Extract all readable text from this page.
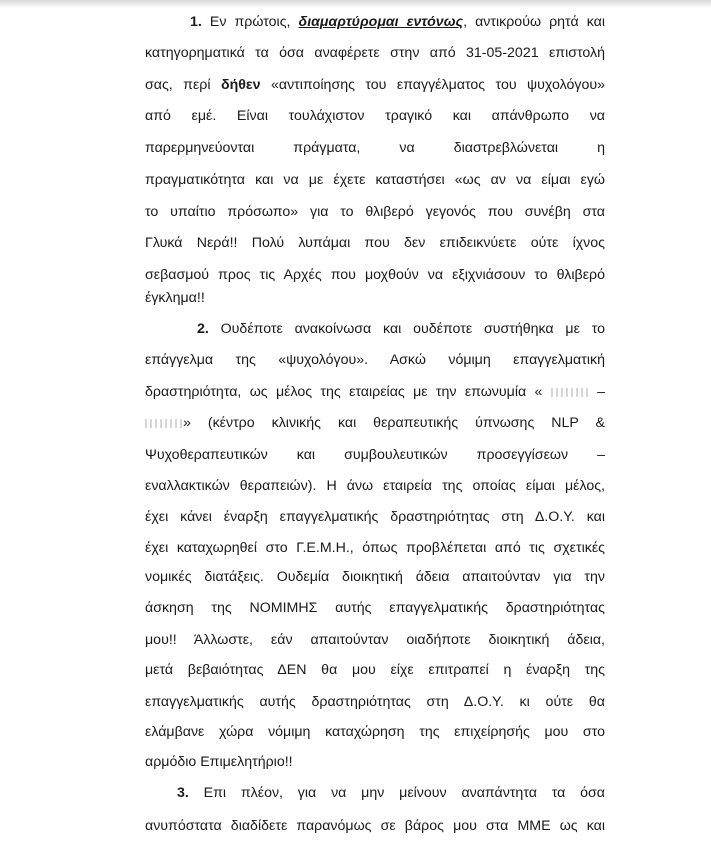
1. Εν πρώτοις, διαμαρτύρομαι εντόνως, αντικρούω ρητά και
κατηγορηματικά τα όσα αναφέρετε στην από 31-05-2021 επιστολή
σας, περί δήθεν «αντιποίησης του επαγγέλματος του ψυχολόγου»
από εμέ. Είναι τουλάχιστον τραγικό και απάνθρωπο να
παρερμηνεύονται πράγματα, να διαστρεβλώνεται η
πραγματικότητα και να με έχετε καταστήσει «ως αν να είμαι εγώ
το υπαίτιο πρόσωπο» για το θλιβερό γεγονός που συνέβη στα
Γλυκά Νερά!! Πολύ λυπάμαι που δεν επιδεικνύετε ούτε ίχνος
σεβασμού προς τις Αρχές που μοχθούν να εξιχνιάσουν το θλιβερό
έγκλημα!!
2. Ουδέποτε ανακοίνωσα και ουδέποτε συστήθηκα με το
επάγγελμα της «ψυχολόγου». Ασκώ νόμιμη επαγγελματική
δραστηριότητα, ως μέλος της εταιρείας με την επωνυμία «	–
» (κέντρο κλινικής και θεραπευτικής ύπνωσης NLP &
Ψυχοθεραπευτικών και συμβουλευτικών προσεγγίσεων –
εναλλακτικών θεραπειών). Η άνω εταιρεία της οποίας είμαι μέλος,
έχει κάνει έναρξη επαγγελματικής δραστηριότητας στη Δ.Ο.Υ. και
έχει καταχωρηθεί στο Γ.Ε.Μ.Η., όπως προβλέπεται από τις σχετικές
νομικές διατάξεις. Ουδεμία διοικητική άδεια απαιτούνταν για την
άσκηση της ΝΟΜΙΜΗΣ αυτής επαγγελματικής δραστηριότητας
μου!! Άλλωστε, εάν απαιτούνταν οιαδήποτε διοικητική άδεια,
μετά βεβαιότητας ΔΕΝ θα μου είχε επιτραπεί η έναρξη της
επαγγελματικής αυτής δραστηριότητας στη Δ.Ο.Υ. κι ούτε θα
ελάμβανε χώρα νόμιμη καταχώρηση της επιχείρησής μου στο
αρμόδιο Επιμελητήριο!!
3. Επι πλέον, για να μην μείνουν αναπάντητα τα όσα
ανυπόστατα διαδίδετε παρανόμως σε βάρος μου στα ΜΜΕ ως και
